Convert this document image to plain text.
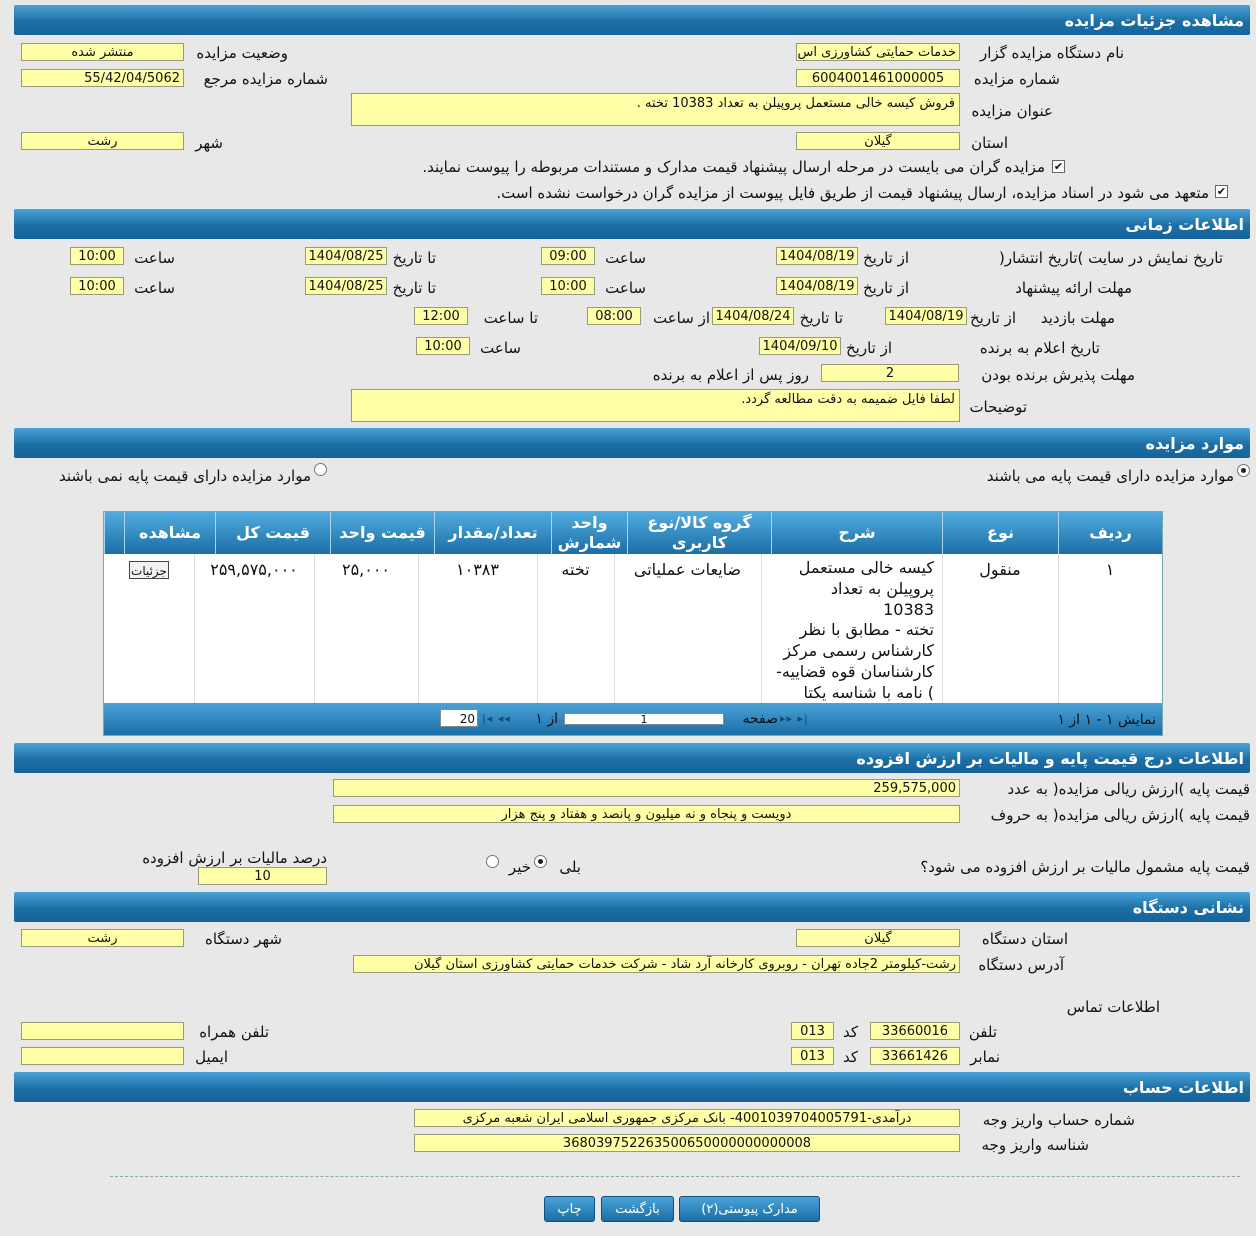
مشاهده جزئیات مزایده
نام دستگاه مزایده گزار
خدمات حمایتی کشاورزی اس
وضعیت مزایده
منتشر شده
شماره مزایده
6004001461000005
شماره مزایده مرجع
55/42/04/5062
عنوان مزایده
فروش کیسه خالی مستعمل پروپیلن به تعداد 10383 تخته .
استان
گیلان
شهر
رشت
✔
مزایده گران می بایست در مرحله ارسال پیشنهاد قیمت مدارک و مستندات مربوطه را پیوست نمایند.
✔
متعهد می شود در اسناد مزایده، ارسال پیشنهاد قیمت از طریق فایل پیوست از مزایده گران درخواست نشده است.
اطلاعات زمانی
تاریخ نمایش در سایت )تاریخ انتشار(
از تاریخ
1404/08/19
ساعت
09:00
تا تاریخ
1404/08/25
ساعت
10:00
مهلت ارائه پیشنهاد
از تاریخ
1404/08/19
ساعت
10:00
تا تاریخ
1404/08/25
ساعت
10:00
مهلت بازدید
از تاریخ
1404/08/19
تا تاریخ
1404/08/24
از ساعت
08:00
تا ساعت
12:00
تاریخ اعلام به برنده
از تاریخ
1404/09/10
ساعت
10:00
مهلت پذیرش برنده بودن
2
روز پس از اعلام به برنده
توضیحات
لطفا فایل ضمیمه به دقت مطالعه گردد.
موارد مزایده
موارد مزایده دارای قیمت پایه می باشند
موارد مزایده دارای قیمت پایه نمی باشند
ردیف
نوع
شرح
گروه کالا/نوع کاربری
واحد شمارش
تعداد/مقدار
قیمت واحد
قیمت کل
مشاهده
۱
منقول
کیسه خالی مستعمل
پروپیلن به تعداد
10383
تخته - مطابق با نظر
کارشناس رسمی مرکز
کارشناسان قوه قضاییه-
) نامه با شناسه یکتا
ضایعات عملیاتی
تخته
۱۰۳۸۳
۲۵,۰۰۰
۲۵۹,۵۷۵,۰۰۰
جزئیات
نمایش ۱ - ۱ از ۱
▸▸ ▸|
صفحه
1
از ۱
|◂ ◂◂
20
اطلاعات درج قیمت پایه و مالیات بر ارزش افزوده
قیمت پایه )ارزش ریالی مزایده( به عدد
259,575,000
قیمت پایه )ارزش ریالی مزایده( به حروف
دویست و پنجاه و نه میلیون و پانصد و هفتاد و پنج هزار
قیمت پایه مشمول مالیات بر ارزش افزوده می شود؟
بلی
خیر
درصد مالیات بر ارزش افزوده
10
نشانی دستگاه
استان دستگاه
گیلان
شهر دستگاه
رشت
آدرس دستگاه
رشت-کیلومتر 2جاده تهران - روبروی کارخانه آرد شاد - شرکت خدمات حمایتی کشاورزی استان گیلان
اطلاعات تماس
تلفن
33660016
کد
013
تلفن همراه
نمابر
33661426
کد
013
ایمیل
اطلاعات حساب
شماره حساب واریز وجه
درآمدی-4001039704005791- بانک مرکزی جمهوری اسلامی ایران شعبه مرکزی
شناسه واریز وجه
368039752263500650000000000008
مدارک پیوستی(۲)
بازگشت
چاپ
